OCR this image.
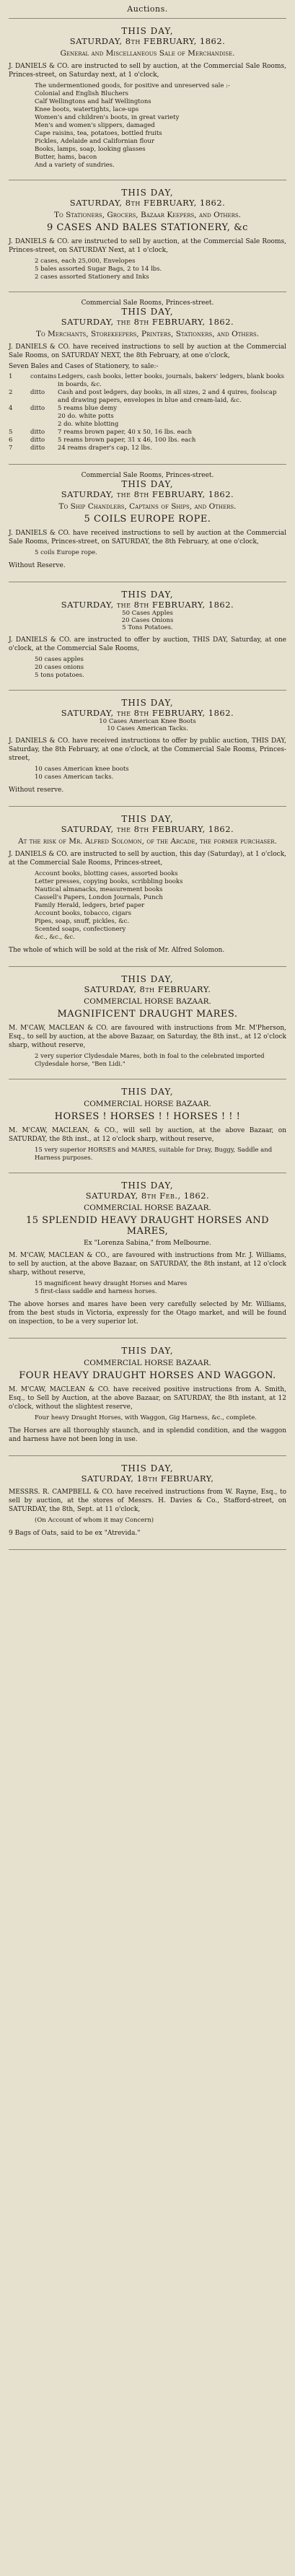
Auctions.
THIS DAY,
SATURDAY, 8th FEBRUARY, 1862.
General and Miscellaneous Sale of Merchandise.
J. DANIELS & CO. are instructed to sell by auction, at the Commercial Sale Rooms, Princes-street, on Saturday next, at 1 o'clock,
The undermentioned goods, for positive and unreserved sale :-
Colonial and English Bluchers
Calf Wellingtons and half Wellingtons
Knee boots, watertights, lace-ups
Women's and children's boots, in great variety
Men's and women's slippers, damaged
Cape raisins, tea, potatoes, bottled fruits
Pickles, Adelaide and Californian flour
Books, lamps, soap, looking glasses
Butter, hams, bacon
And a variety of sundries.
THIS DAY,
SATURDAY, 8th FEBRUARY, 1862.
To Stationers, Grocers, Bazaar Keepers, and Others.
9 CASES AND BALES STATIONERY, &c
J. DANIELS & CO. are instructed to sell by auction, at the Commercial Sale Rooms, Princes-street, on SATURDAY Next, at 1 o'clock,
2 cases, each 25,000, Envelopes
5 bales assorted Sugar Bags, 2 to 14 lbs.
2 cases assorted Stationery and Inks
Commercial Sale Rooms, Princes-street.
THIS DAY,
SATURDAY, the 8th FEBRUARY, 1862.
To Merchants, Storekeepers, Printers, Stationers, and Others.
J. DANIELS & CO. have received instructions to sell by auction at the Commercial Sale Rooms, on SATURDAY NEXT, the 8th February, at one o'clock,
Seven Bales and Cases of Stationery, to sale:-
1	contains Ledgers, cash books, letter books, journals, bakers' ledgers, blank books in boards, &c.
2	ditto	Cash and post ledgers, day books, in all sizes, 2 and 4 quires, foolscap and drawing papers, envelopes in blue and cream-laid, &c.
4	ditto	5 reams blue demy
20 do. white potts
2 do. white blotting
5	ditto	7 reams brown paper, 40 x 50, 16 lbs. each
6	ditto	5 reams brown paper, 31 x 46, 100 lbs. each
7	ditto	24 reams draper's cap, 12 lbs.
Commercial Sale Rooms, Princes-street.
THIS DAY,
SATURDAY, the 8th FEBRUARY, 1862.
To Ship Chandlers, Captains of Ships, and Others.
5 COILS EUROPE ROPE.
J. DANIELS & CO. have received instructions to sell by auction at the Commercial Sale Rooms, Princes-street, on SATURDAY, the 8th February, at one o'clock,
5 coils Europe rope.
Without Reserve.
THIS DAY,
SATURDAY, the 8th FEBRUARY, 1862.
50 Cases Apples
20 Cases Onions
5 Tons Potatoes.
J. DANIELS & CO. are instructed to offer by auction, THIS DAY, Saturday, at one o'clock, at the Commercial Sale Rooms,
50 cases apples
20 cases onions
5 tons potatoes.
THIS DAY,
SATURDAY, the 8th FEBRUARY, 1862.
10 Cases American Knee Boots
10 Cases American Tacks.
J. DANIELS & CO. have received instructions to offer by public auction, THIS DAY, Saturday, the 8th February, at one o'clock, at the Commercial Sale Rooms, Princes-street,
10 cases American knee boots
10 cases American tacks.
Without reserve.
THIS DAY,
SATURDAY, the 8th FEBRUARY, 1862.
At the risk of Mr. Alfred Solomon, of the Arcade, the former purchaser.
J. DANIELS & CO. are instructed to sell by auction, this day (Saturday), at 1 o'clock, at the Commercial Sale Rooms, Princes-street,
Account books, blotting cases, assorted books
Letter presses, copying books, scribbling books
Nautical almanacks, measurement books
Cassell's Papers, London Journals, Punch
Family Herald, ledgers, brief paper
Account books, tobacco, cigars
Pipes, soap, snuff, pickles, &c.
Scented soaps, confectionery
&c., &c., &c.
The whole of which will be sold at the risk of Mr. Alfred Solomon.
THIS DAY,
SATURDAY, 8th FEBRUARY.
COMMERCIAL HORSE BAZAAR.
MAGNIFICENT DRAUGHT MARES.
M. M'CAW, MACLEAN & CO. are favoured with instructions from Mr. M'Pherson, Esq., to sell by auction, at the above Bazaar, on Saturday, the 8th inst., at 12 o'clock sharp, without reserve,
2 very superior Clydesdale Mares, both in foal to the celebrated imported Clydesdale horse, "Ben Lidi."
THIS DAY,
COMMERCIAL HORSE BAZAAR.
HORSES ! HORSES ! ! HORSES ! ! !
M. M'CAW, MACLEAN, & CO., will sell by auction, at the above Bazaar, on SATURDAY, the 8th inst., at 12 o'clock sharp, without reserve,
15 very superior HORSES and MARES, suitable for Dray, Buggy, Saddle and Harness purposes.
THIS DAY,
SATURDAY, 8th Feb., 1862.
COMMERCIAL HORSE BAZAAR.
15 SPLENDID HEAVY DRAUGHT HORSES AND MARES,
Ex "Lorenza Sabina," from Melbourne.
M. M'CAW, MACLEAN & CO., are favoured with instructions from Mr. J. Williams, to sell by auction, at the above Bazaar, on SATURDAY, the 8th instant, at 12 o'clock sharp, without reserve,
15 magnificent heavy draught Horses and Mares
5 first-class saddle and harness horses.
The above horses and mares have been very carefully selected by Mr. Williams, from the best studs in Victoria, expressly for the Otago market, and will be found on inspection, to be a very superior lot.
THIS DAY,
COMMERCIAL HORSE BAZAAR.
FOUR HEAVY DRAUGHT HORSES AND WAGGON.
M. M'CAW, MACLEAN & CO. have received positive instructions from A. Smith, Esq., to Sell by Auction, at the above Bazaar, on SATURDAY, the 8th instant, at 12 o'clock, without the slightest reserve,
Four heavy Draught Horses, with Waggon, Gig Harness, &c., complete.
The Horses are all thoroughly staunch, and in splendid condition, and the waggon and harness have not been long in use.
THIS DAY,
SATURDAY, 18th FEBRUARY,
MESSRS. R. CAMPBELL & CO. have received instructions from W. Rayne, Esq., to sell by auction, at the stores of Messrs. H. Davies & Co., Stafford-street, on SATURDAY, the 8th, Sept. at 11 o'clock,
(On Account of whom it may Concern)
9 Bags of Oats, said to be ex "Atrevida."
